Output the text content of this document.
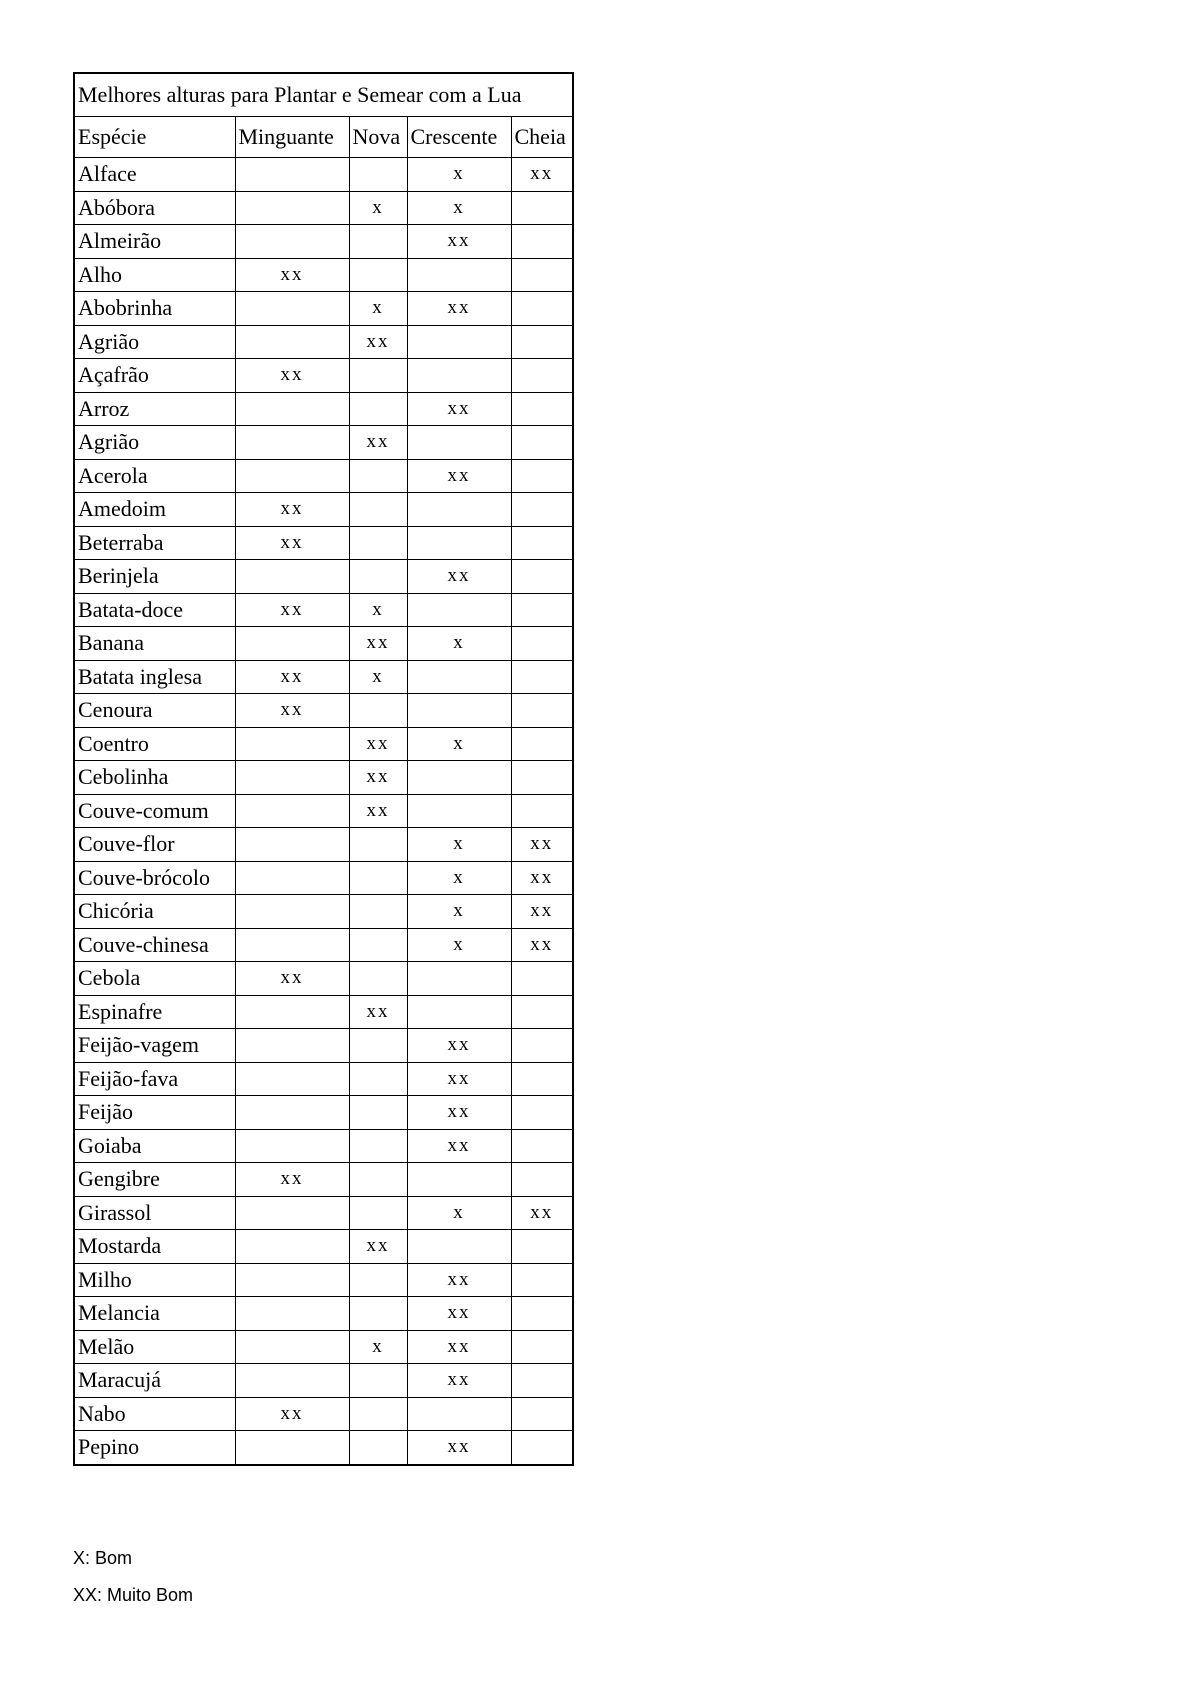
Melhores alturas para Plantar e Semear com a Lua				
Espécie	Minguante	Nova	Crescente	Cheia
Alface			x	xx
Abóbora		x	x	
Almeirão			xx	
Alho	xx			
Abobrinha		x	xx	
Agrião		xx		
Açafrão	xx			
Arroz			xx	
Agrião		xx		
Acerola			xx	
Amedoim	xx			
Beterraba	xx			
Berinjela			xx	
Batata-doce	xx	x		
Banana		xx	x	
Batata inglesa	xx	x		
Cenoura	xx			
Coentro		xx	x	
Cebolinha		xx		
Couve-comum		xx		
Couve-flor			x	xx
Couve-brócolo			x	xx
Chicória			x	xx
Couve-chinesa			x	xx
Cebola	xx			
Espinafre		xx		
Feijão-vagem			xx	
Feijão-fava			xx	
Feijão			xx	
Goiaba			xx	
Gengibre	xx			
Girassol			x	xx
Mostarda		xx		
Milho			xx	
Melancia			xx	
Melão		x	xx	
Maracujá			xx	
Nabo	xx			
Pepino			xx	
X: Bom
XX: Muito Bom
